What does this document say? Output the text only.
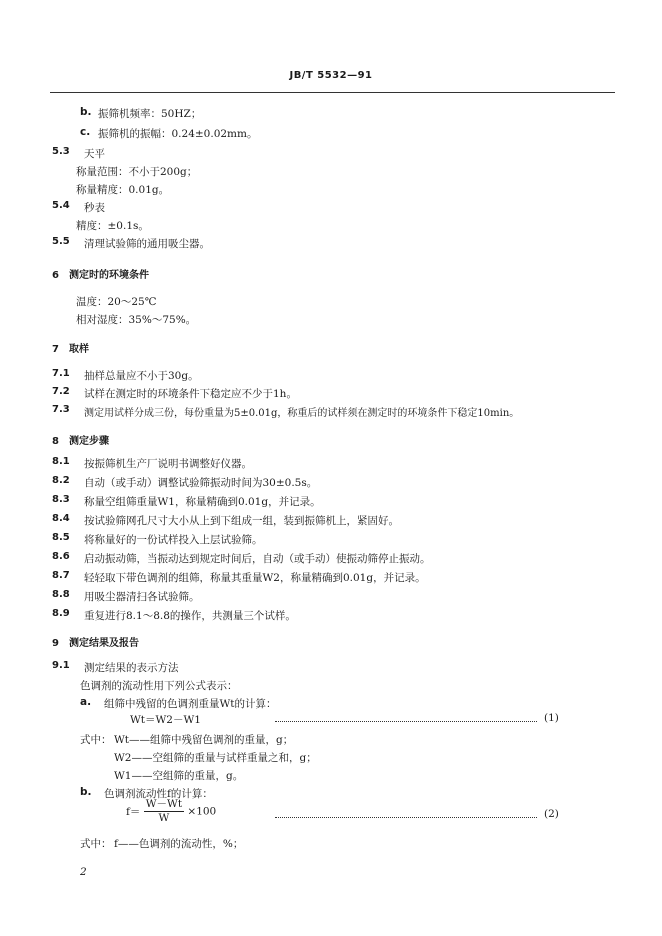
JB/T 5532—91
b. 振筛机频率：50HZ；
c. 振筛机的振幅：0.24±0.02mm。
5.3 天平
称量范围：不小于200g；
称量精度：0.01g。
5.4 秒表
精度：±0.1s。
5.5 清理试验筛的通用吸尘器。
6　测定时的环境条件
温度：20～25℃
相对湿度：35%～75%。
7　取样
7.1 抽样总量应不小于30g。
7.2 试样在测定时的环境条件下稳定应不少于1h。
7.3 测定用试样分成三份，每份重量为5±0.01g，称重后的试样须在测定时的环境条件下稳定10min。
8　测定步骤
8.1 按振筛机生产厂说明书调整好仪器。
8.2 自动（或手动）调整试验筛振动时间为30±0.5s。
8.3 称量空组筛重量W1，称量精确到0.01g，并记录。
8.4 按试验筛网孔尺寸大小从上到下组成一组，装到振筛机上，紧固好。
8.5 将称量好的一份试样投入上层试验筛。
8.6 启动振动筛，当振动达到规定时间后，自动（或手动）使振动筛停止振动。
8.7 轻轻取下带色调剂的组筛，称量其重量W2，称量精确到0.01g，并记录。
8.8 用吸尘器清扫各试验筛。
8.9 重复进行8.1～8.8的操作，共测量三个试样。
9　测定结果及报告
9.1 测定结果的表示方法
色调剂的流动性用下列公式表示：
a. 组筛中残留的色调剂重量Wt的计算：
Wt＝W2－W1	(1)
式中： Wt——组筛中残留色调剂的重量，g；
W2——空组筛的重量与试样重量之和，g；
W1——空组筛的重量，g。
b. 色调剂流动性f的计算：
$f= \frac{W-Wt}{W} \times 100$	(2)
式中： f——色调剂的流动性，%；
2
